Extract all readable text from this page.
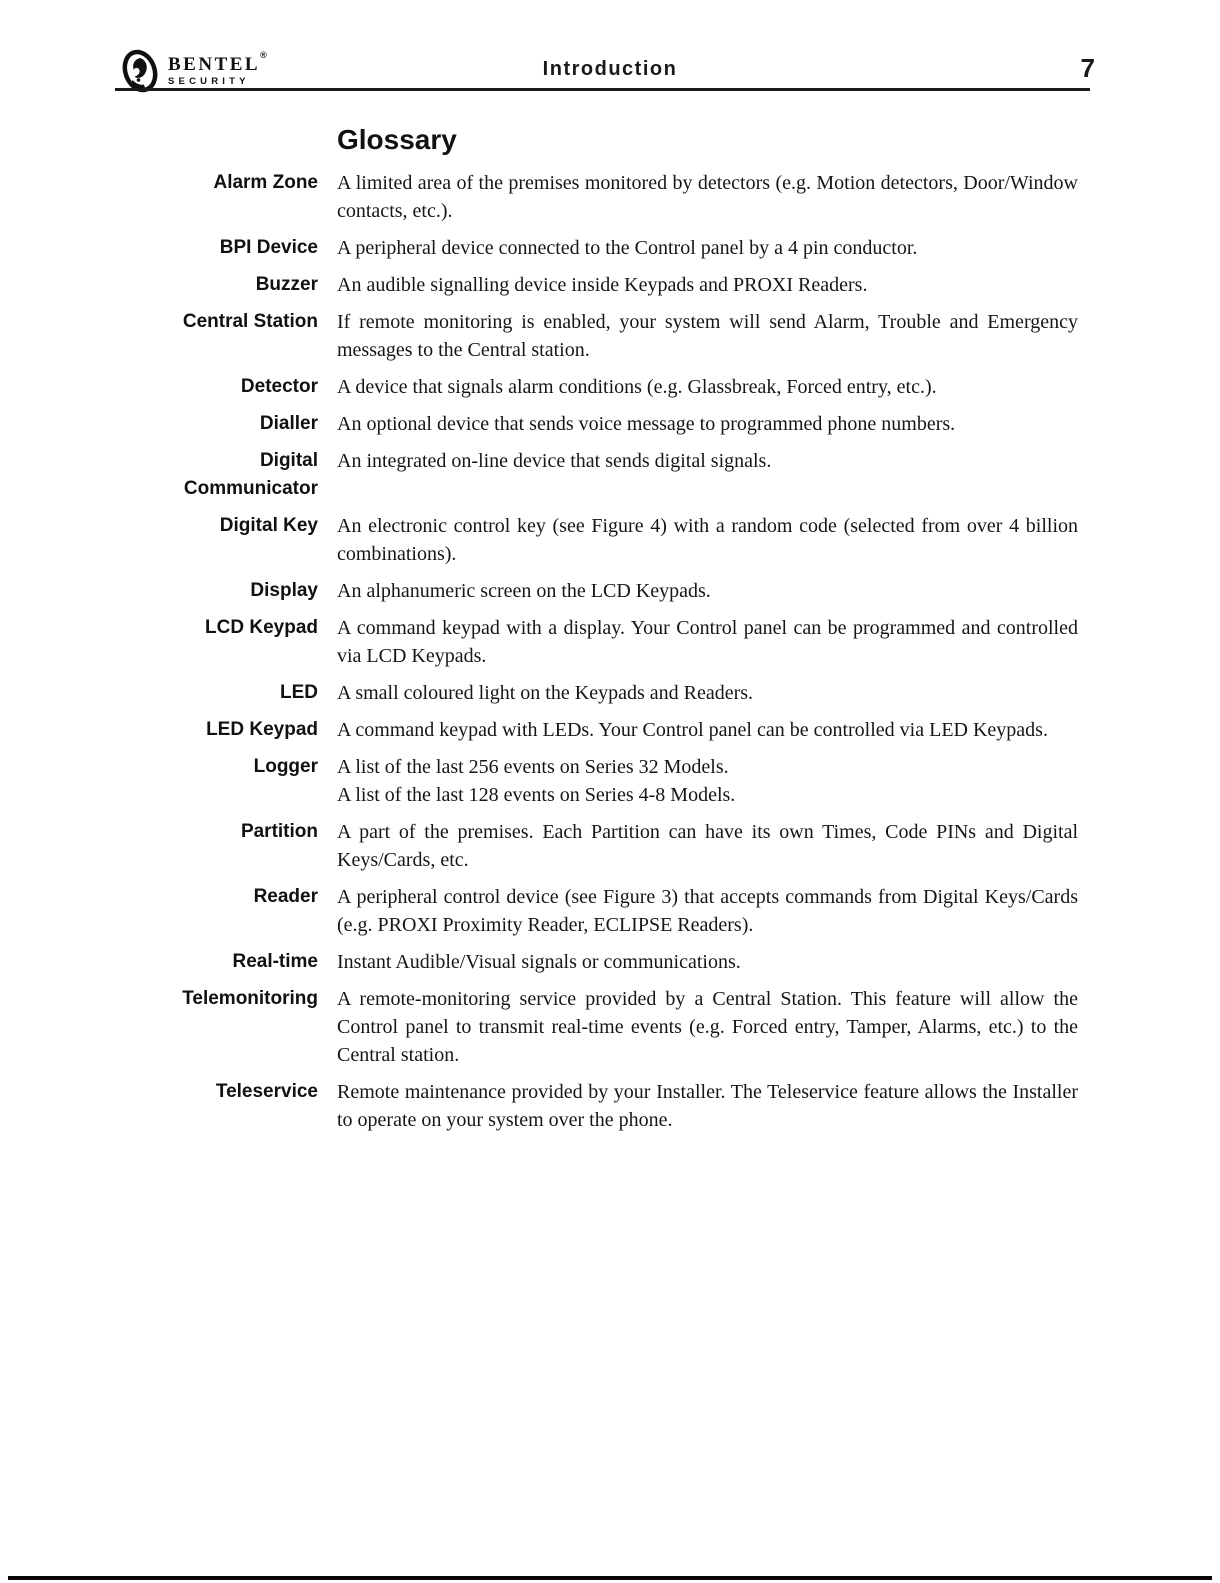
BENTEL®
SECURITY
Introduction	7
Glossary
Alarm Zone A limited area of the premises monitored by detectors (e.g. Motion detectors, Door/Window contacts, etc.).
BPI Device A peripheral device connected to the Control panel by a 4 pin conductor.
Buzzer An audible signalling device inside Keypads and PROXI Readers.
Central Station If remote monitoring is enabled, your system will send Alarm, Trouble and Emergency messages to the Central station.
Detector A device that signals alarm conditions (e.g. Glassbreak, Forced entry, etc.).
Dialler An optional device that sends voice message to programmed phone numbers.
Digital Communicator
An integrated on-line device that sends digital signals.
Digital Key An electronic control key (see Figure 4) with a random code (selected from over 4 billion combinations).
Display An alphanumeric screen on the LCD Keypads.
LCD Keypad A command keypad with a display. Your Control panel can be programmed and controlled via LCD Keypads.
LED A small coloured light on the Keypads and Readers.
LED Keypad A command keypad with LEDs. Your Control panel can be controlled via LED Keypads.
Logger A list of the last 256 events on Series 32 Models.
A list of the last 128 events on Series 4-8 Models.
Partition A part of the premises. Each Partition can have its own Times, Code PINs and Digital Keys/Cards, etc.
Reader A peripheral control device (see Figure 3) that accepts commands from Digital Keys/Cards (e.g. PROXI Proximity Reader, ECLIPSE Readers).
Real-time Instant Audible/Visual signals or communications.
Telemonitoring A remote-monitoring service provided by a Central Station. This feature will allow the Control panel to transmit real-time events (e.g. Forced entry, Tamper, Alarms, etc.) to the Central station.
Teleservice Remote maintenance provided by your Installer. The Teleservice feature allows the Installer to operate on your system over the phone.
